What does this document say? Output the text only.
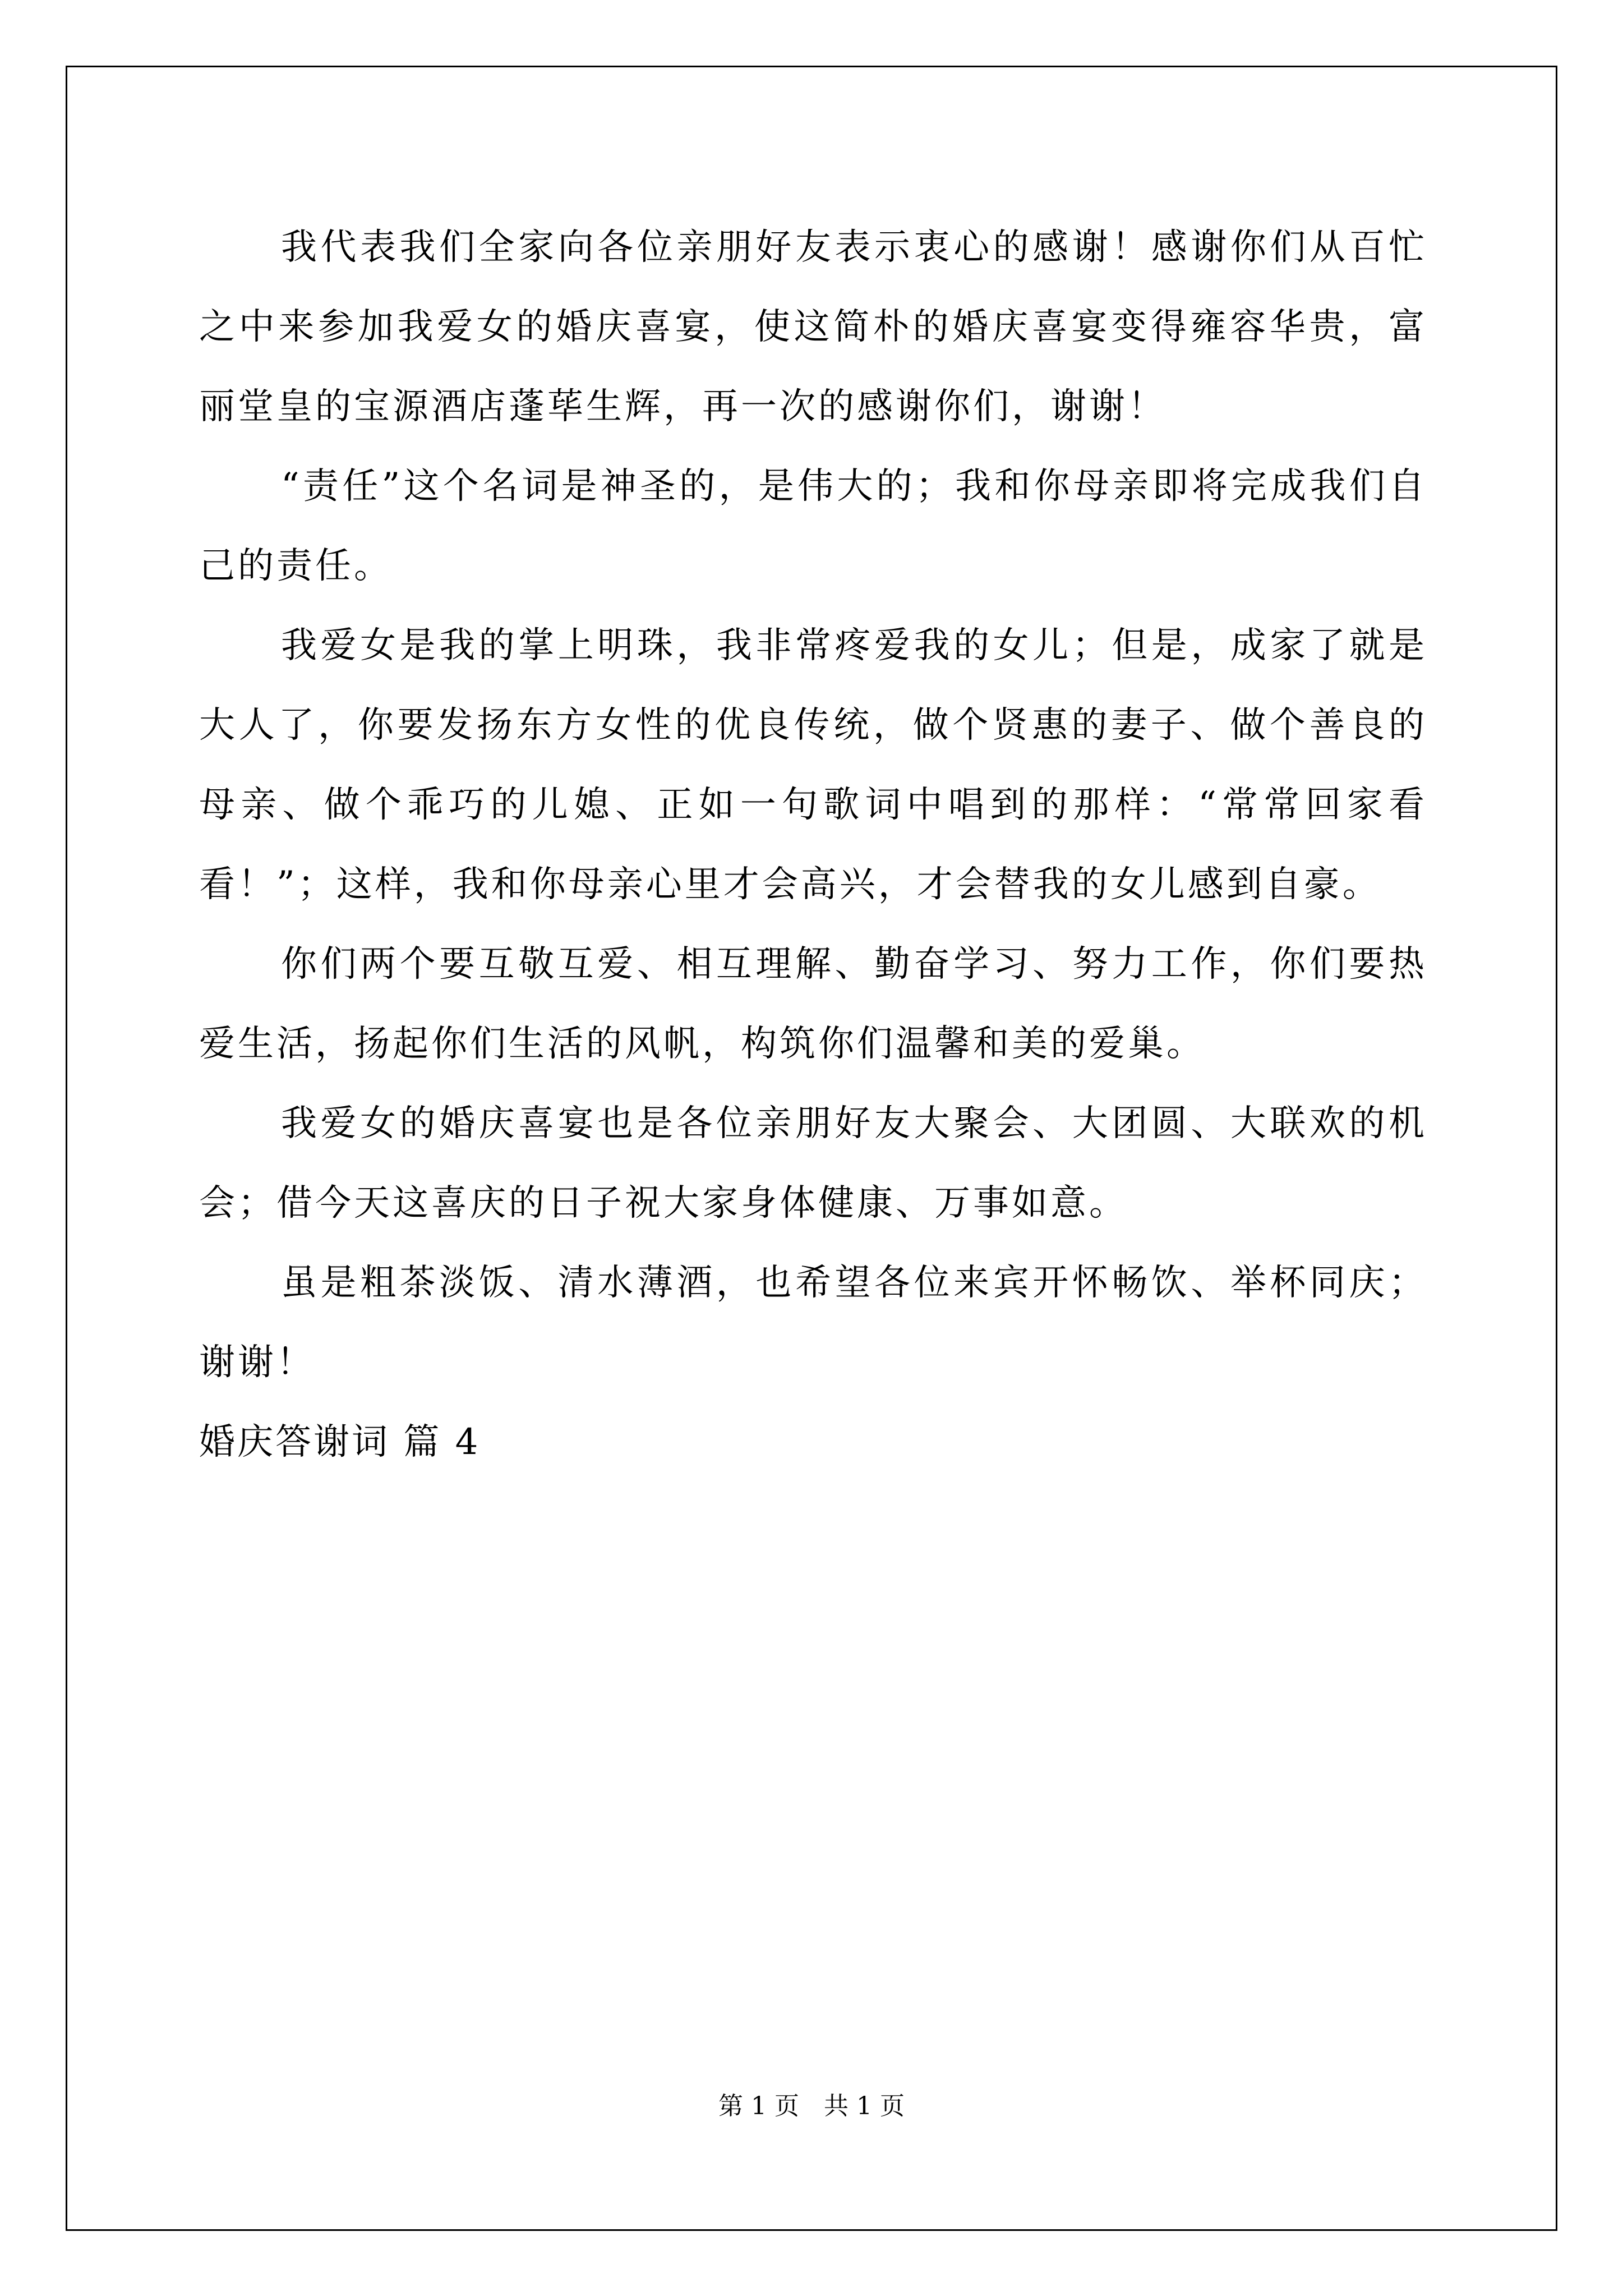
我代表我们全家向各位亲朋好友表示衷心的感谢！感谢你们从百忙之中来参加我爱女的婚庆喜宴，使这简朴的婚庆喜宴变得雍容华贵，富丽堂皇的宝源酒店蓬荜生辉，再一次的感谢你们，谢谢！

“责任”这个名词是神圣的，是伟大的；我和你母亲即将完成我们自己的责任。

我爱女是我的掌上明珠，我非常疼爱我的女儿；但是，成家了就是大人了，你要发扬东方女性的优良传统，做个贤惠的妻子、做个善良的母亲、做个乖巧的儿媳、正如一句歌词中唱到的那样：“常常回家看看！”；这样，我和你母亲心里才会高兴，才会替我的女儿感到自豪。

你们两个要互敬互爱、相互理解、勤奋学习、努力工作，你们要热爱生活，扬起你们生活的风帆，构筑你们温馨和美的爱巢。

我爱女的婚庆喜宴也是各位亲朋好友大聚会、大团圆、大联欢的机会；借今天这喜庆的日子祝大家身体健康、万事如意。

虽是粗茶淡饭、清水薄酒，也希望各位来宾开怀畅饮、举杯同庆；谢谢！

婚庆答谢词 篇 4

第 1 页　共 1 页
